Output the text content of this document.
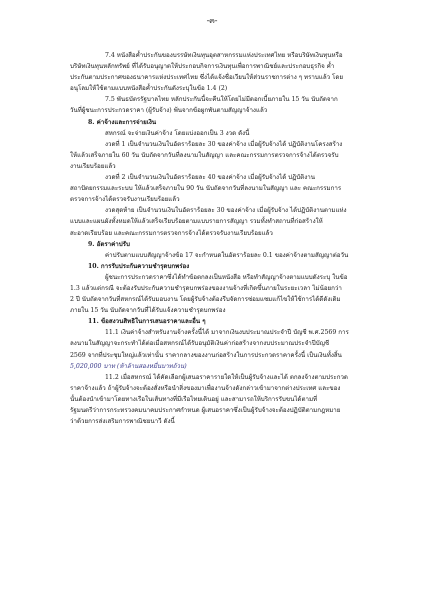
-๓-
7.4 หนังสือค้ำประกันของบรรษัทเงินทุนอุตสาหกรรมแห่งประเทศไทย หรือบริษัทเงินทุนหรือ
บริษัทเงินทุนหลักทรัพย์ ที่ได้รับอนุญาตให้ประกอบกิจการเงินทุนเพื่อการพาณิชย์และประกอบธุรกิจ ค้ำ
ประกันตามประกาศของธนาคารแห่งประเทศไทย ซึ่งได้แจ้งชื่อเวียนให้ส่วนราชการต่าง ๆ ทราบแล้ว โดย
อนุโลมให้ใช้ตามแบบหนังสือค้ำประกันดังระบุในข้อ 1.4 (2)
7.5 พันธบัตรรัฐบาลไทย หลักประกันนี้จะคืนให้โดยไม่มีดอกเบี้ยภายใน 15 วัน นับถัดจาก
วันที่ผู้ชนะการประกวดราคา (ผู้รับจ้าง) พ้นจากข้อผูกพันตามสัญญาจ้างแล้ว
8. ค่าจ้างและการจ่ายเงิน
สหกรณ์ จะจ่ายเงินค่าจ้าง โดยแบ่งออกเป็น 3 งวด ดังนี้
งวดที่ 1 เป็นจำนวนเงินในอัตราร้อยละ 30 ของค่าจ้าง เมื่อผู้รับจ้างได้ ปฏิบัติงานโครงสร้าง
ให้แล้วเสร็จภายใน 60 วัน นับถัดจากวันที่ลงนามในสัญญา และคณะกรรมการตรวจการจ้างได้ตรวจรับ
งานเรียบร้อยแล้ว
งวดที่ 2 เป็นจำนวนเงินในอัตราร้อยละ 40 ของค่าจ้าง เมื่อผู้รับจ้างได้ ปฏิบัติงาน
สถาปัตยกรรมและระบบ ให้แล้วเสร็จภายใน 90 วัน นับถัดจากวันที่ลงนามในสัญญา และ คณะกรรมการ
ตรวจการจ้างได้ตรวจรับงานเรียบร้อยแล้ว
งวดสุดท้าย เป็นจำนวนเงินในอัตราร้อยละ 30 ของค่าจ้าง เมื่อผู้รับจ้าง ได้ปฏิบัติงานตามแห่ง
แบบและแผนผังทั้งหมดให้แล้วเสร็จเรียบร้อยตามแบบรายการสัญญา รวมทั้งทำสถานที่ก่อสร้างให้
สะอาดเรียบร้อย และคณะกรรมการตรวจการจ้างได้ตรวจรับงานเรียบร้อยแล้ว
9. อัตราค่าปรับ
ค่าปรับตามแบบสัญญาจ้างข้อ 17 จะกำหนดในอัตราร้อยละ 0.1 ของค่าจ้างตามสัญญาต่อวัน
10. การรับประกันความชำรุดบกพร่อง
ผู้ชนะการประกวดราคาซึ่งได้ทำข้อตกลงเป็นหนังสือ หรือทำสัญญาจ้างตามแบบดังระบุ ในข้อ
1.3 แล้วแต่กรณี จะต้องรับประกันความชำรุดบกพร่องของงานจ้างที่เกิดขึ้นภายในระยะเวลา ไม่น้อยกว่า
2 ปี นับถัดจากวันที่สหกรณ์ได้รับมอบงาน โดยผู้รับจ้างต้องรีบจัดการซ่อมแซมแก้ไขให้ใช้การได้ดีดังเดิม
ภายใน 15 วัน นับถัดจากวันที่ได้รับแจ้งความชำรุดบกพร่อง
11. ข้อสงวนสิทธิในการเสนอราคาและอื่น ๆ
11.1 เงินค่าจ้างสำหรับงานจ้างครั้งนี้ได้ มาจากเงินงบประมาณประจำปี บัญชี พ.ศ.2569 การ
ลงนามในสัญญาจะกระทำได้ต่อเมื่อสหกรณ์ได้รับอนุมัติเงินค่าก่อสร้างจากงบประมาณประจำปีบัญชี
2569 จากที่ประชุมใหญ่แล้วเท่านั้น ราคากลางของงานก่อสร้างในการประกวดราคาครั้งนี้ เป็นเงินทั้งสิ้น
5,020,000 บาท (ห้าล้านสองหมื่นบาทถ้วน)
11.2 เมื่อสหกรณ์ ได้คัดเลือกผู้เสนอราคารายใดให้เป็นผู้รับจ้างและได้ ตกลงจ้างตามประกวด
ราคาจ้างแล้ว ถ้าผู้รับจ้างจะต้องสั่งหรือนำสิ่งของมาเพื่องานจ้างดังกล่าวเข้ามาจากต่างประเทศ และของ
นั้นต้องนำเข้ามาโดยทางเรือในเส้นทางที่มีเรือไทยเดินอยู่ และสามารถให้บริการรับขนได้ตามที่
รัฐมนตรีว่าการกระทรวงคมนาคมประกาศกำหนด ผู้เสนอราคาซึ่งเป็นผู้รับจ้างจะต้องปฏิบัติตามกฎหมาย
ว่าด้วยการส่งเสริมการพาณิชยนาวี ดังนี้
